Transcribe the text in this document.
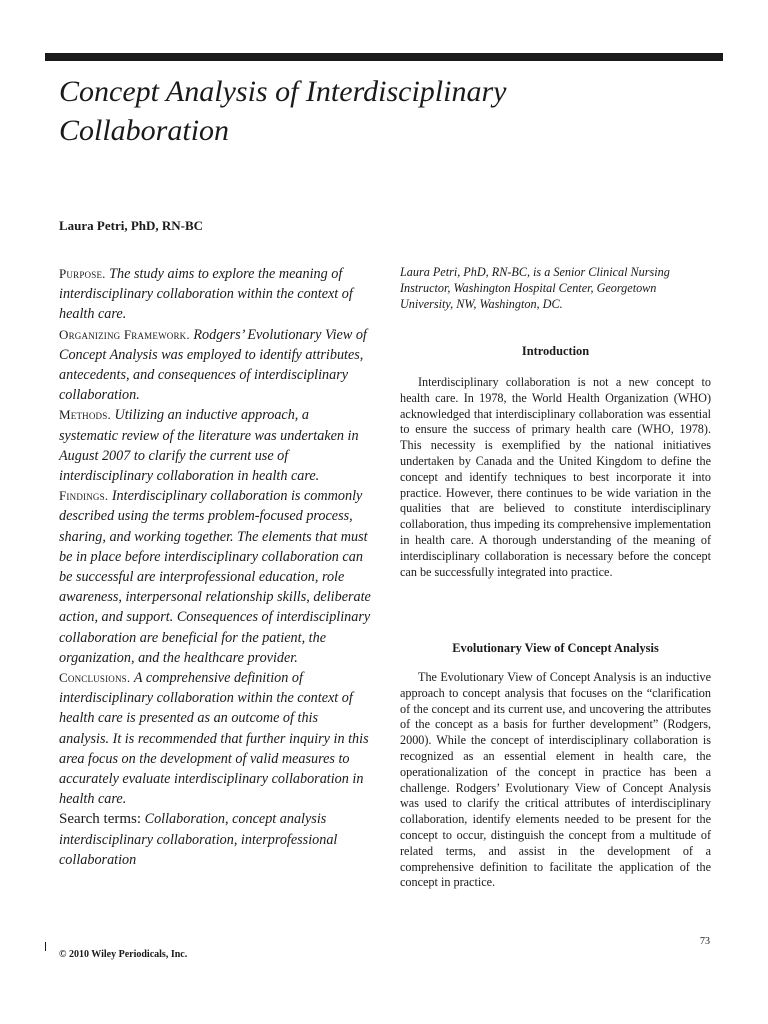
Concept Analysis of Interdisciplinary
Collaboration
Laura Petri, PhD, RN-BC

Purpose. The study aims to explore the meaning of interdisciplinary collaboration within the context of health care.

Organizing Framework. Rodgers’ Evolutionary View of Concept Analysis was employed to identify attributes, antecedents, and consequences of interdisciplinary collaboration.

Methods. Utilizing an inductive approach, a systematic review of the literature was undertaken in August 2007 to clarify the current use of interdisciplinary collaboration in health care.

Findings. Interdisciplinary collaboration is commonly described using the terms problem-focused process, sharing, and working together. The elements that must be in place before interdisciplinary collaboration can be successful are interprofessional education, role awareness, interpersonal relationship skills, deliberate action, and support. Consequences of interdisciplinary collaboration are beneficial for the patient, the organization, and the healthcare provider.

Conclusions. A comprehensive definition of interdisciplinary collaboration within the context of health care is presented as an outcome of this analysis. It is recommended that further inquiry in this area focus on the development of valid measures to accurately evaluate interdisciplinary collaboration in health care.

Search terms: Collaboration, concept analysis interdisciplinary collaboration, interprofessional collaboration

Laura Petri, PhD, RN-BC, is a Senior Clinical Nursing Instructor, Washington Hospital Center, Georgetown University, NW, Washington, DC.

Introduction

Interdisciplinary collaboration is not a new concept to health care. In 1978, the World Health Organization (WHO) acknowledged that interdisciplinary collaboration was essential to ensure the success of primary health care (WHO, 1978). This necessity is exemplified by the national initiatives undertaken by Canada and the United Kingdom to define the concept and identify techniques to best incorporate it into practice. However, there continues to be wide variation in the qualities that are believed to constitute interdisciplinary collaboration, thus impeding its comprehensive implementation in health care. A thorough understanding of the meaning of interdisciplinary collaboration is necessary before the concept can be successfully integrated into practice.

Evolutionary View of Concept Analysis

The Evolutionary View of Concept Analysis is an inductive approach to concept analysis that focuses on the “clarification of the concept and its current use, and uncovering the attributes of the concept as a basis for further development” (Rodgers, 2000). While the concept of interdisciplinary collaboration is recognized as an essential element in health care, the operationalization of the concept in practice has been a challenge. Rodgers’ Evolutionary View of Concept Analysis was used to clarify the critical attributes of interdisciplinary collaboration, identify elements needed to be present for the concept to occur, distinguish the concept from a multitude of related terms, and assist in the development of a comprehensive definition to facilitate the application of the concept in practice.

73
© 2010 Wiley Periodicals, Inc.
